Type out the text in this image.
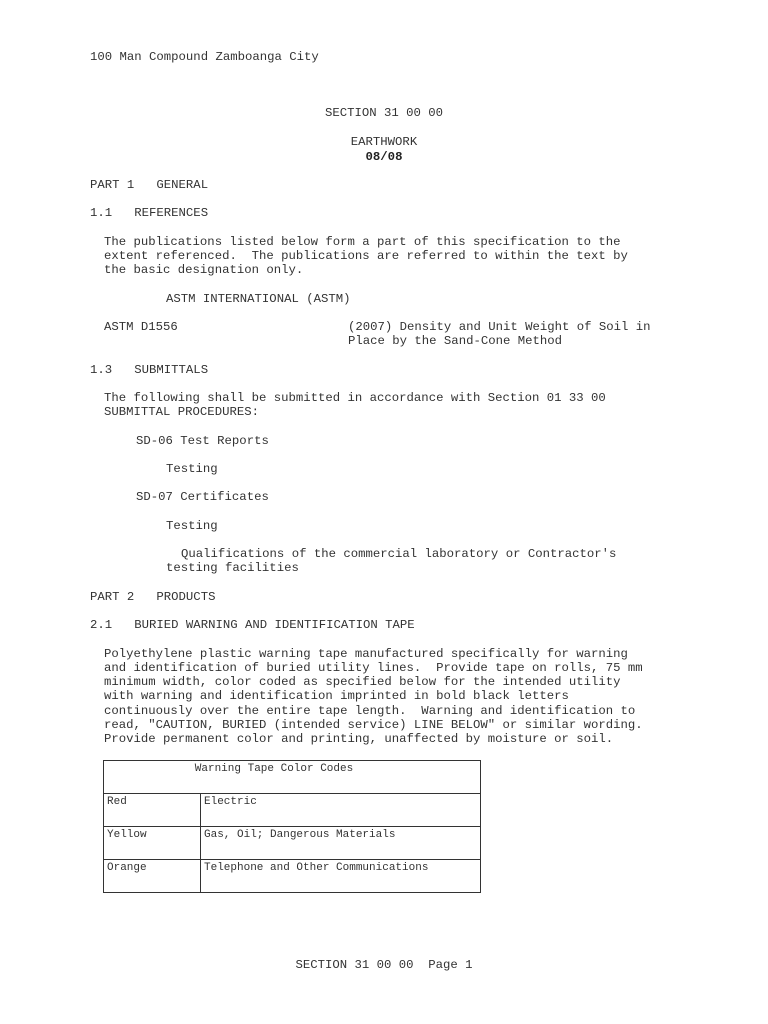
100 Man Compound Zamboanga City
SECTION 31 00 00
EARTHWORK
08/08
PART 1   GENERAL
1.1   REFERENCES
The publications listed below form a part of this specification to the
extent referenced.  The publications are referred to within the text by
the basic designation only.
ASTM INTERNATIONAL (ASTM)
ASTM D1556	(2007) Density and Unit Weight of Soil in
Place by the Sand-Cone Method
1.3   SUBMITTALS
The following shall be submitted in accordance with Section 01 33 00
SUBMITTAL PROCEDURES:
SD-06 Test Reports
Testing
SD-07 Certificates
Testing
Qualifications of the commercial laboratory or Contractor's
testing facilities
PART 2   PRODUCTS
2.1   BURIED WARNING AND IDENTIFICATION TAPE
Polyethylene plastic warning tape manufactured specifically for warning
and identification of buried utility lines.  Provide tape on rolls, 75 mm
minimum width, color coded as specified below for the intended utility
with warning and identification imprinted in bold black letters
continuously over the entire tape length.  Warning and identification to
read, "CAUTION, BURIED (intended service) LINE BELOW" or similar wording.
Provide permanent color and printing, unaffected by moisture or soil.
Warning Tape Color Codes	
Red	Electric
Yellow	Gas, Oil; Dangerous Materials
Orange	Telephone and Other Communications
SECTION 31 00 00  Page 1
